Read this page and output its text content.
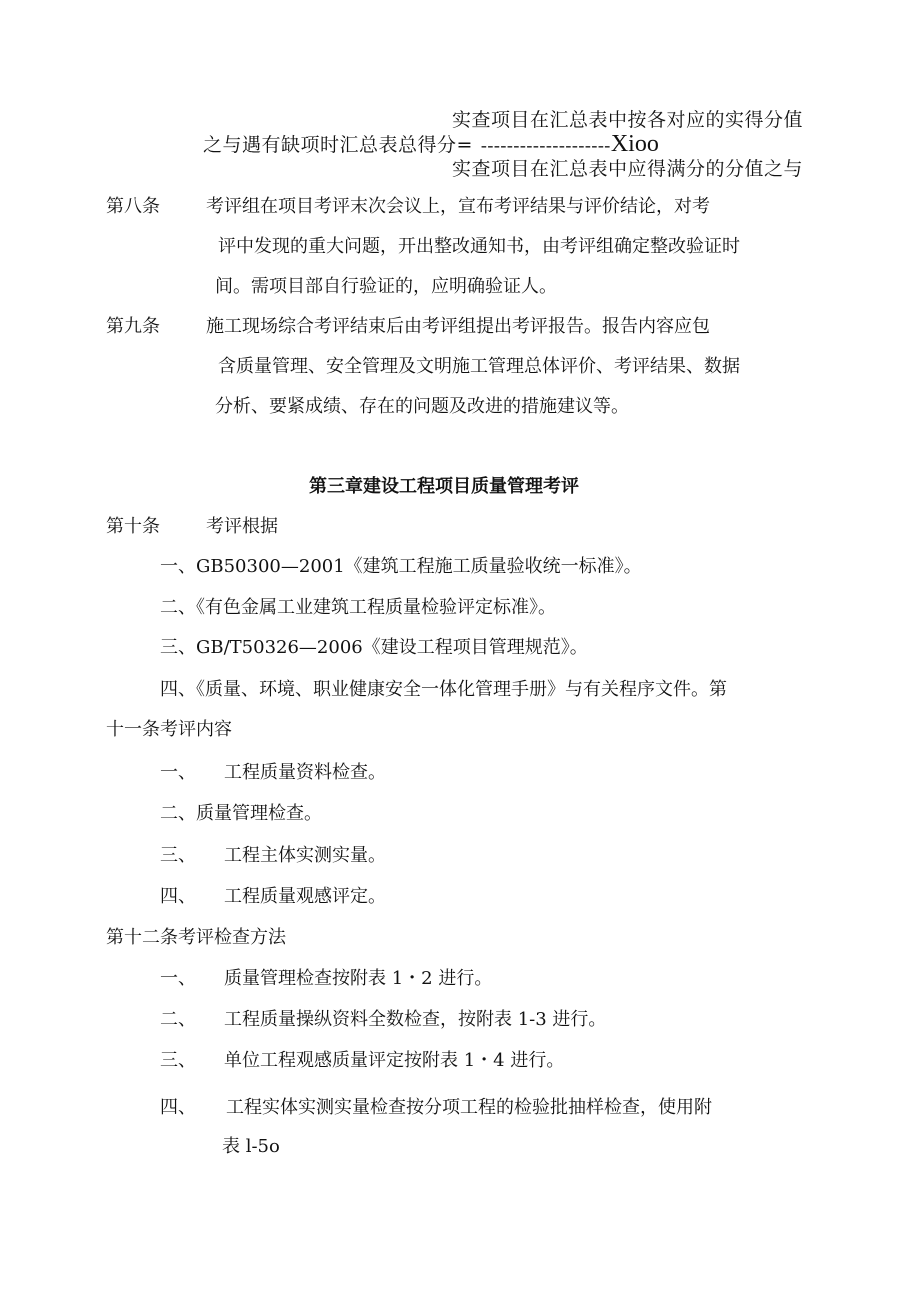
实查项目在汇总表中按各对应的实得分值
之与遇有缺项时汇总表总得分= --------------------Xioo
实查项目在汇总表中应得满分的分值之与
第八条	考评组在项目考评末次会议上，宣布考评结果与评价结论，对考
评中发现的重大问题，开出整改通知书，由考评组确定整改验证时
间。需项目部自行验证的，应明确验证人。
第九条	施工现场综合考评结束后由考评组提出考评报告。报告内容应包
含质量管理、安全管理及文明施工管理总体评价、考评结果、数据
分析、要紧成绩、存在的问题及改进的措施建议等。
第三章建设工程项目质量管理考评
第十条	考评根据
一、GB50300—2001《建筑工程施工质量验收统一标准》。
二、《有色金属工业建筑工程质量检验评定标准》。
三、GB/T50326—2006《建设工程项目管理规范》。
四、《质量、环境、职业健康安全一体化管理手册》与有关程序文件。第
十一条考评内容
一、 工程质量资料检查。
二、质量管理检查。
三、 工程主体实测实量。
四、 工程质量观感评定。
第十二条考评检查方法
一、 质量管理检查按附表 1・2 进行。
二、 工程质量操纵资料全数检查，按附表 1-3 进行。
三、 单位工程观感质量评定按附表 1・4 进行。
四、 工程实体实测实量检查按分项工程的检验批抽样检查，使用附
表 l-5o
